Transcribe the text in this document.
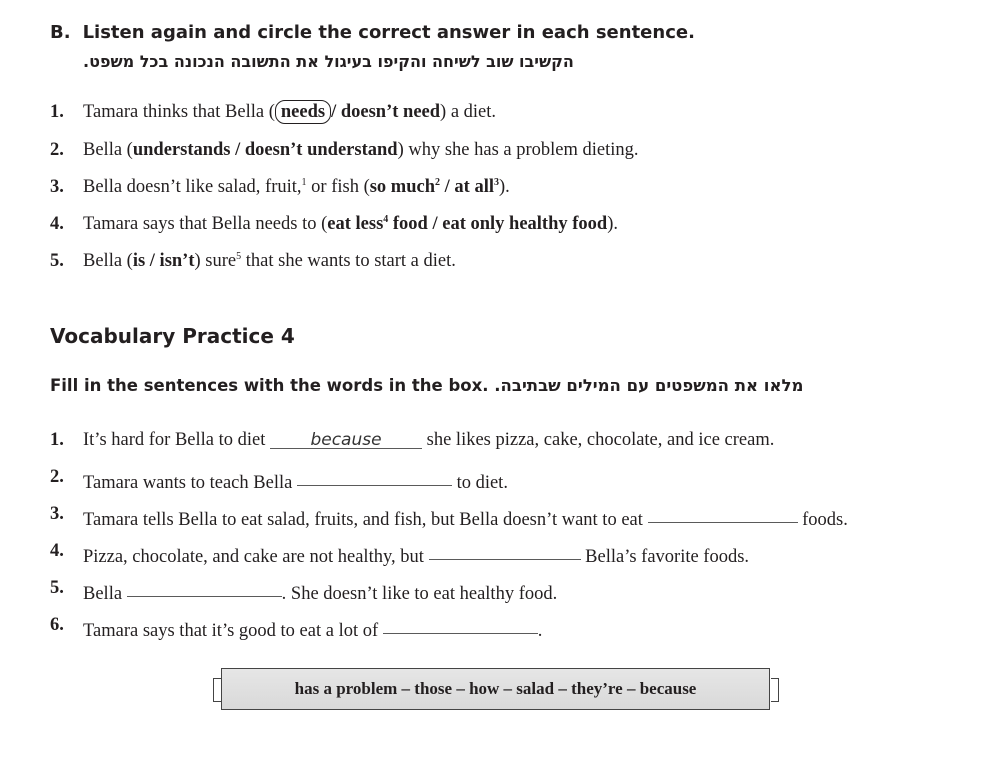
B. Listen again and circle the correct answer in each sentence.
הקשיבו שוב לשיחה והקיפו בעיגול את התשובה הנכונה בכל משפט.
1. Tamara thinks that Bella ( needs / doesn’t need) a diet.
2. Bella (understands / doesn’t understand) why she has a problem dieting.
3. Bella doesn’t like salad, fruit,$^1$ or fish (so much$^2$ / at all$^3$).
4. Tamara says that Bella needs to (eat less$^4$ food / eat only healthy food).
5. Bella (is / isn’t) sure$^5$ that she wants to start a diet.
Vocabulary Practice 4
Fill in the sentences with the words in the box. מלאו את המשפטים עם המילים שבתיבה.
1. It’s hard for Bella to diet	because she likes pizza, cake, chocolate, and ice cream.
2. Tamara wants to teach Bella	to diet.
3. Tamara tells Bella to eat salad, fruits, and fish, but Bella doesn’t want to eat	foods.
4. Pizza, chocolate, and cake are not healthy, but	Bella’s favorite foods.
5. Bella	. She doesn’t like to eat healthy food.
6. Tamara says that it’s good to eat a lot of	.
has a problem – those – how – salad – they’re – because
